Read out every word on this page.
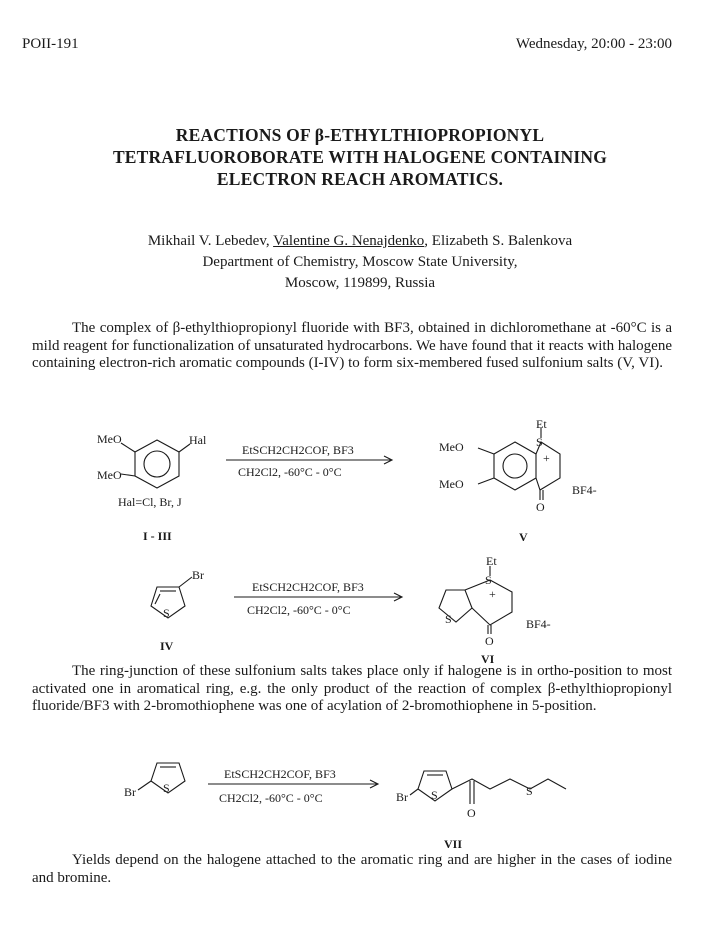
POII-191	Wednesday, 20:00 - 23:00
REACTIONS OF β-ETHYLTHIOPROPIONYL
TETRAFLUOROBORATE WITH HALOGENE CONTAINING
ELECTRON REACH AROMATICS.
Mikhail V. Lebedev, Valentine G. Nenajdenko, Elizabeth S. Balenkova
Department of Chemistry, Moscow State University,
Moscow, 119899, Russia
The complex of β-ethylthiopropionyl fluoride with BF3, obtained in dichloromethane at -60°C is a mild reagent for functionalization of unsaturated hydrocarbons. We have found that it reacts with halogene containing electron-rich aromatic compounds (I-IV) to form six-membered fused sulfonium salts (V, VI).
The ring-junction of these sulfonium salts takes place only if halogene is in ortho-position to most activated one in aromatical ring, e.g. the only product of the reaction of complex β-ethylthiopropionyl fluoride/BF3 with 2-bromothiophene was one of acylation of 2-bromothiophene in 5-position.
Yields depend on the halogene attached to the aromatic ring and are higher in the cases of iodine and bromine.
MeO
MeO
Hal
Hal=Cl, Br, J
I - III
EtSCH2CH2COF, BF3
CH2Cl2, -60°C - 0°C
Et
S
+
O
MeO
MeO	BF4-
V
Br
S
IV
EtSCH2CH2COF, BF3
CH2Cl2, -60°C - 0°C
Et
S
+
S
O
BF4-
VI
Br S
EtSCH2CH2COF, BF3
CH2Cl2, -60°C - 0°C	Br S
O
S
VII
